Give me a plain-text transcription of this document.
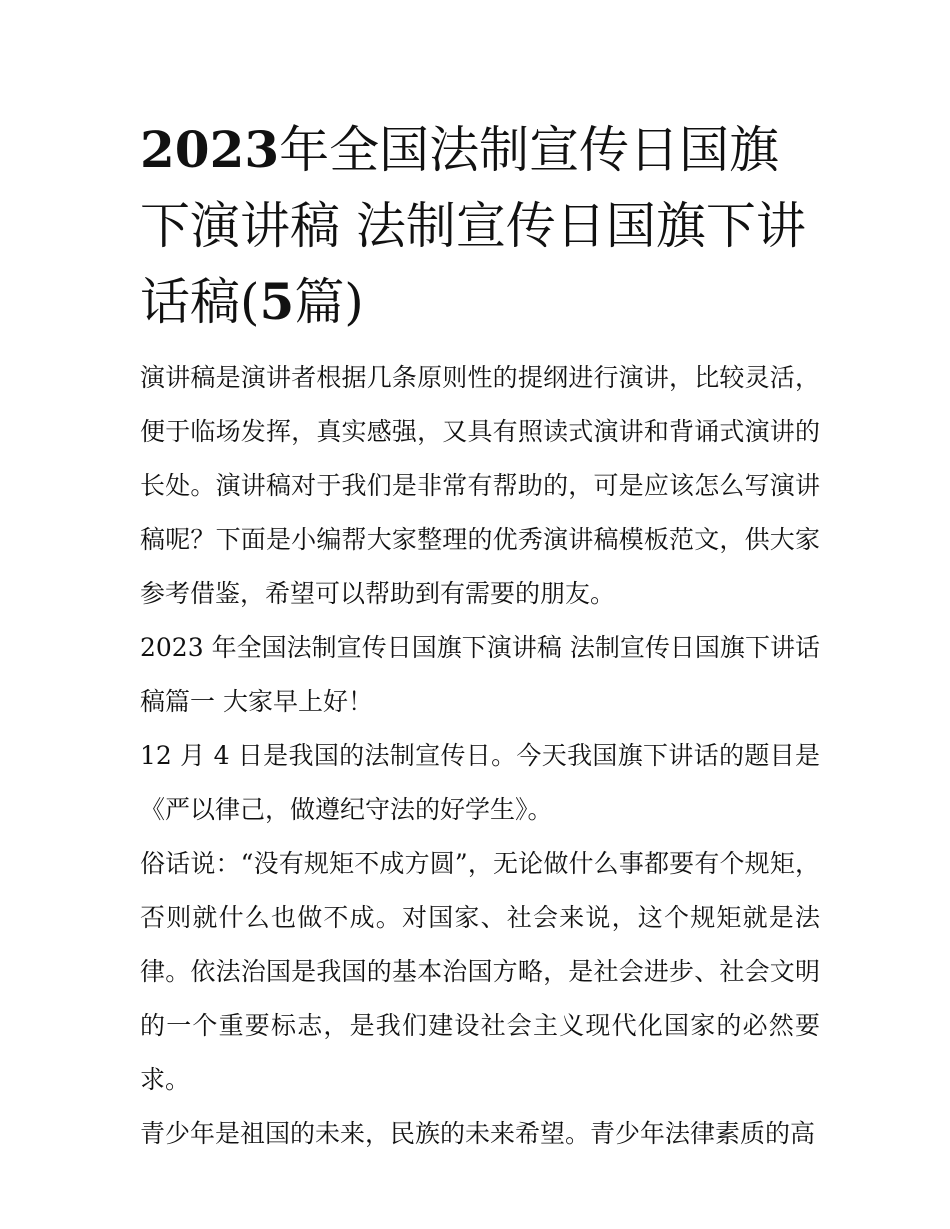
2023年全国法制宣传日国旗下演讲稿 法制宣传日国旗下讲话稿(5篇)

演讲稿是演讲者根据几条原则性的提纲进行演讲，比较灵活，便于临场发挥，真实感强，又具有照读式演讲和背诵式演讲的长处。演讲稿对于我们是非常有帮助的，可是应该怎么写演讲稿呢？下面是小编帮大家整理的优秀演讲稿模板范文，供大家参考借鉴，希望可以帮助到有需要的朋友。

2023 年全国法制宣传日国旗下演讲稿 法制宣传日国旗下讲话稿篇一 大家早上好！

12 月 4 日是我国的法制宣传日。今天我国旗下讲话的题目是《严以律己，做遵纪守法的好学生》。

俗话说：“没有规矩不成方圆”，无论做什么事都要有个规矩，否则就什么也做不成。对国家、社会来说，这个规矩就是法律。依法治国是我国的基本治国方略，是社会进步、社会文明的一个重要标志，是我们建设社会主义现代化国家的必然要求。

青少年是祖国的未来，民族的未来希望。青少年法律素质的高
